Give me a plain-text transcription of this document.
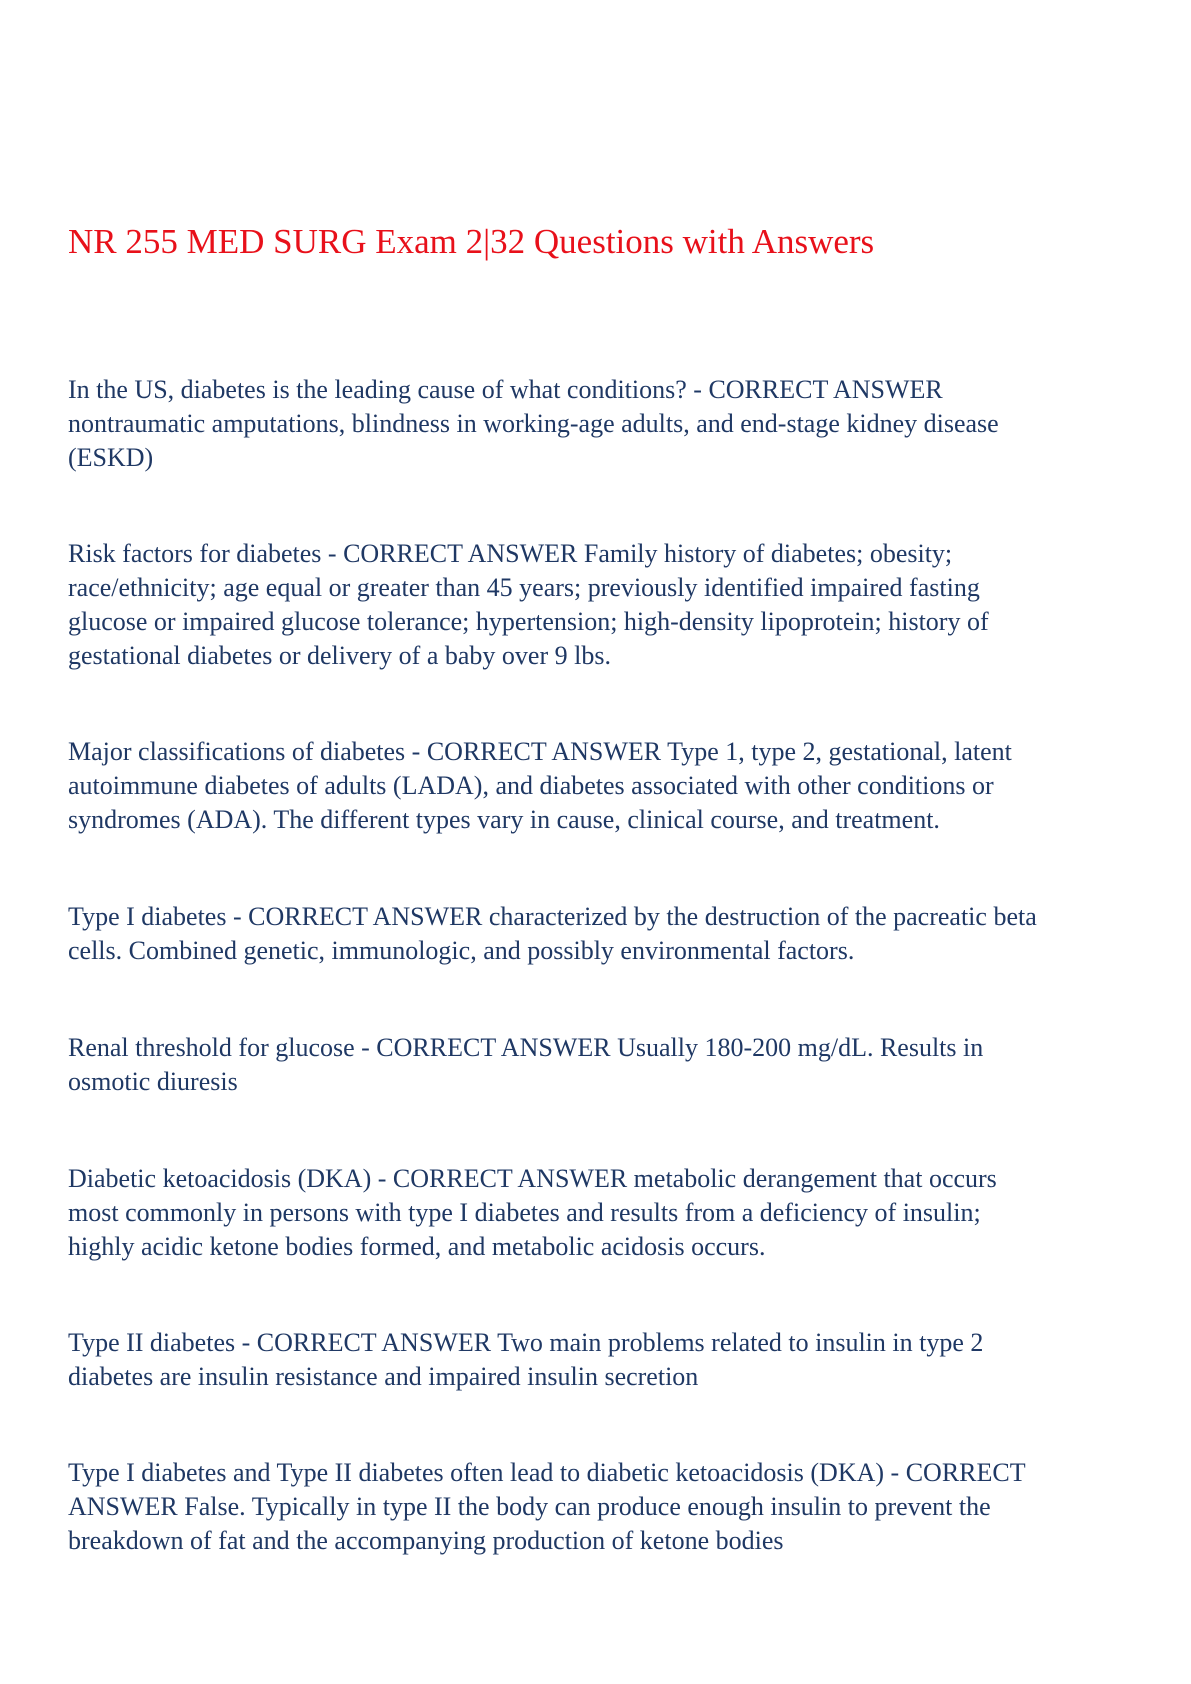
NR 255 MED SURG Exam 2|32 Questions with Answers

In the US, diabetes is the leading cause of what conditions? - CORRECT ANSWER
nontraumatic amputations, blindness in working-age adults, and end-stage kidney disease
(ESKD)

Risk factors for diabetes - CORRECT ANSWER Family history of diabetes; obesity;
race/ethnicity; age equal or greater than 45 years; previously identified impaired fasting
glucose or impaired glucose tolerance; hypertension; high-density lipoprotein; history of
gestational diabetes or delivery of a baby over 9 lbs.

Major classifications of diabetes - CORRECT ANSWER Type 1, type 2, gestational, latent
autoimmune diabetes of adults (LADA), and diabetes associated with other conditions or
syndromes (ADA). The different types vary in cause, clinical course, and treatment.

Type I diabetes - CORRECT ANSWER characterized by the destruction of the pacreatic beta
cells. Combined genetic, immunologic, and possibly environmental factors.

Renal threshold for glucose - CORRECT ANSWER Usually 180-200 mg/dL. Results in
osmotic diuresis

Diabetic ketoacidosis (DKA) - CORRECT ANSWER metabolic derangement that occurs
most commonly in persons with type I diabetes and results from a deficiency of insulin;
highly acidic ketone bodies formed, and metabolic acidosis occurs.

Type II diabetes - CORRECT ANSWER Two main problems related to insulin in type 2
diabetes are insulin resistance and impaired insulin secretion

Type I diabetes and Type II diabetes often lead to diabetic ketoacidosis (DKA) - CORRECT
ANSWER False. Typically in type II the body can produce enough insulin to prevent the
breakdown of fat and the accompanying production of ketone bodies
